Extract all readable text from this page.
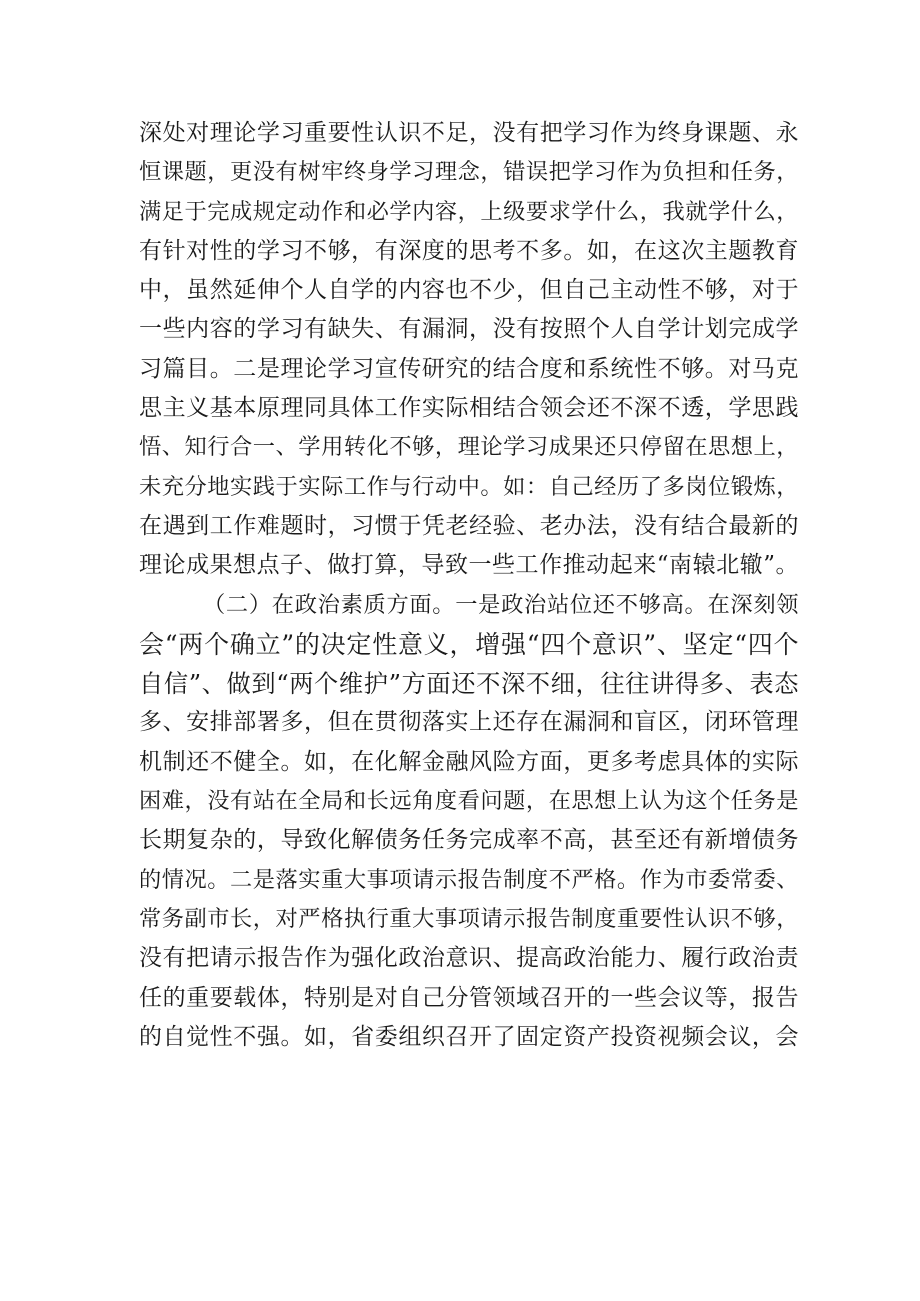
深处对理论学习重要性认识不足，没有把学习作为终身课题、永
恒课题，更没有树牢终身学习理念，错误把学习作为负担和任务，
满足于完成规定动作和必学内容，上级要求学什么，我就学什么，
有针对性的学习不够，有深度的思考不多。如，在这次主题教育
中，虽然延伸个人自学的内容也不少，但自己主动性不够，对于
一些内容的学习有缺失、有漏洞，没有按照个人自学计划完成学
习篇目。二是理论学习宣传研究的结合度和系统性不够。对马克
思主义基本原理同具体工作实际相结合领会还不深不透，学思践
悟、知行合一、学用转化不够，理论学习成果还只停留在思想上，
未充分地实践于实际工作与行动中。如：自己经历了多岗位锻炼，
在遇到工作难题时，习惯于凭老经验、老办法，没有结合最新的
理论成果想点子、做打算，导致一些工作推动起来“南辕北辙”。
（二）在政治素质方面。一是政治站位还不够高。在深刻领
会“两个确立”的决定性意义，增强“四个意识”、坚定“四个
自信”、做到“两个维护”方面还不深不细，往往讲得多、表态
多、安排部署多，但在贯彻落实上还存在漏洞和盲区，闭环管理
机制还不健全。如，在化解金融风险方面，更多考虑具体的实际
困难，没有站在全局和长远角度看问题，在思想上认为这个任务是
长期复杂的，导致化解债务任务完成率不高，甚至还有新增债务
的情况。二是落实重大事项请示报告制度不严格。作为市委常委、
常务副市长，对严格执行重大事项请示报告制度重要性认识不够，
没有把请示报告作为强化政治意识、提高政治能力、履行政治责
任的重要载体，特别是对自己分管领域召开的一些会议等，报告
的自觉性不强。如，省委组织召开了固定资产投资视频会议，会
